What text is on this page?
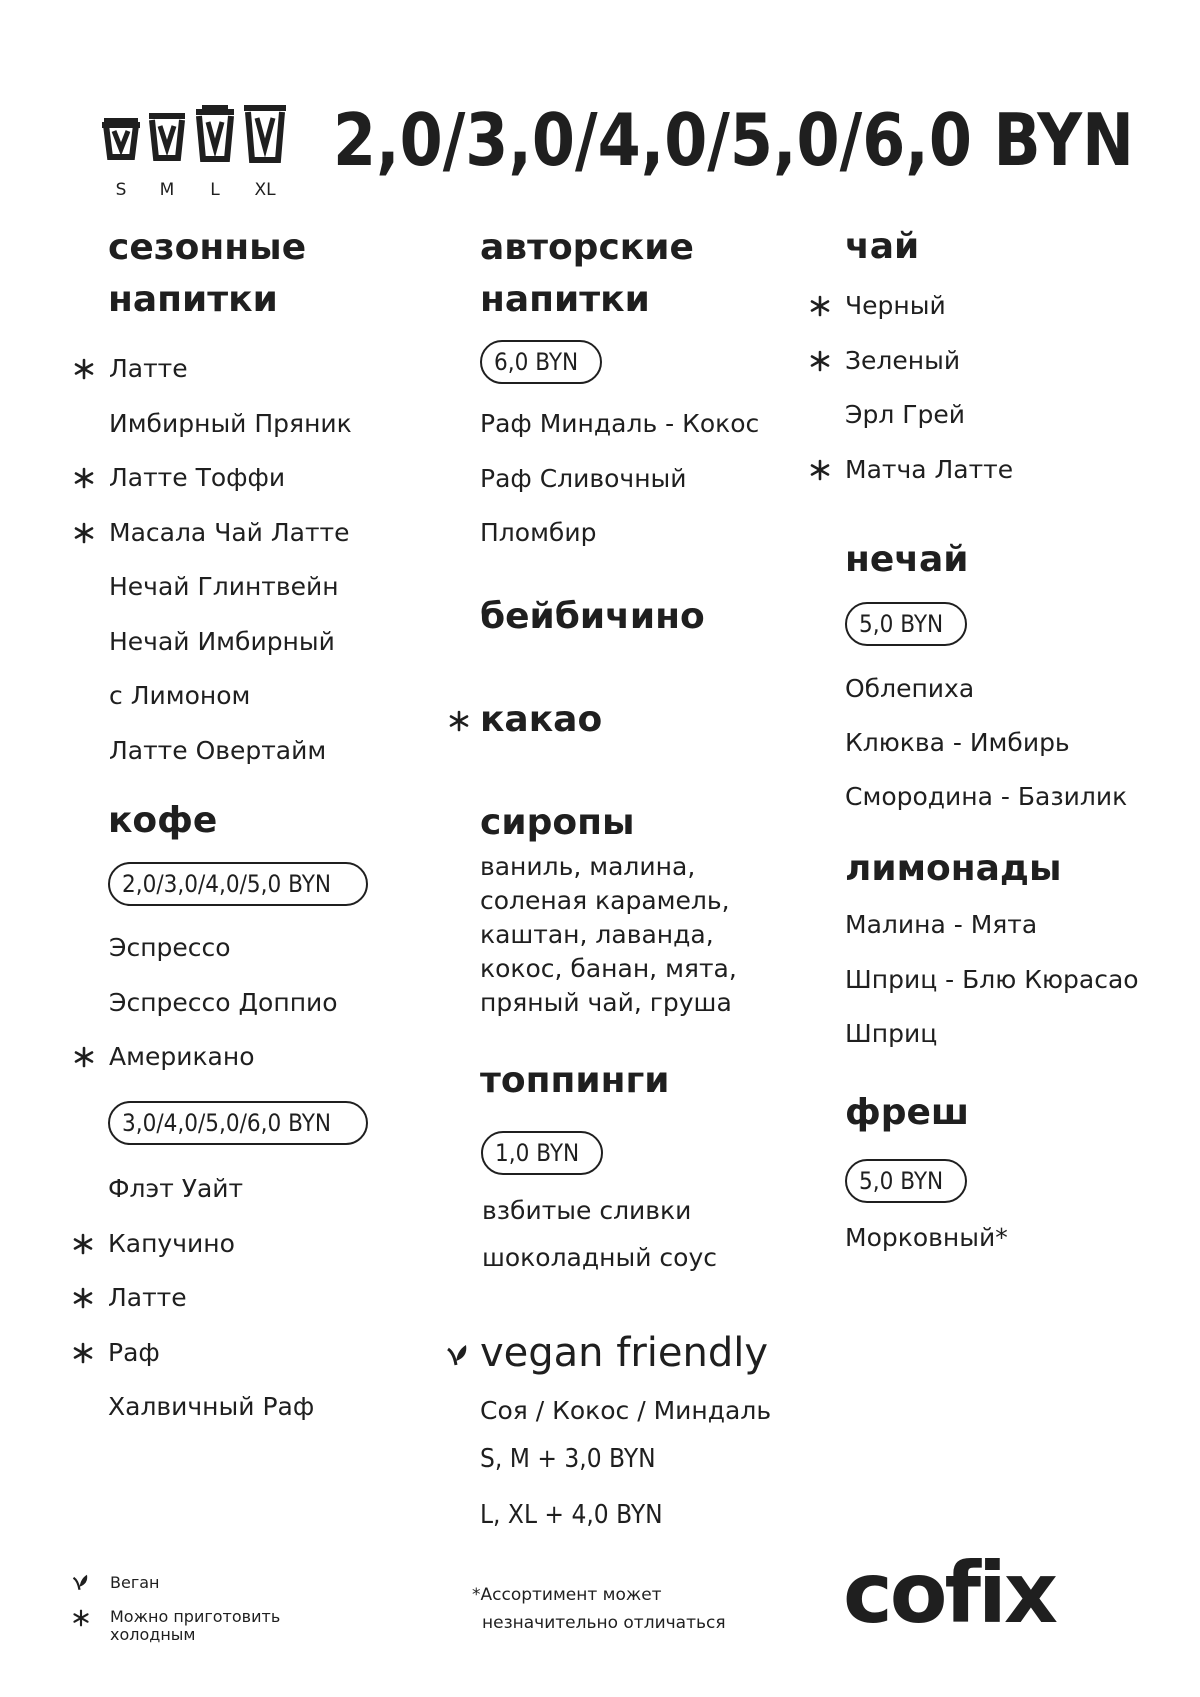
S M L XL
2,0/3,0/4,0/5,0/6,0 BYN
сезонные
напитки
Латте
Имбирный Пряник
Латте Тоффи
Масала Чай Латте
Нечай Глинтвейн
Нечай Имбирный
с Лимоном
Латте Овертайм
кофе
2,0/3,0/4,0/5,0 BYN
Эспрессо
Эспрессо Доппио
Американо
3,0/4,0/5,0/6,0 BYN
Флэт Уайт
Капучино
Латте
Раф
Халвичный Раф
авторские
напитки
6,0 BYN
Раф Миндаль - Кокос
Раф Сливочный
Пломбир
бейбичино
какао
сиропы
ваниль, малина,
соленая карамель,
каштан, лаванда,
кокос, банан, мята,
пряный чай, груша
топпинги
1,0 BYN
взбитые сливки
шоколадный соус
vegan friendly
Соя / Кокос / Миндаль
S, M + 3,0 BYN
L, XL + 4,0 BYN
чай
Черный
Зеленый
Эрл Грей
Матча Латте
нечай
5,0 BYN
Облепиха
Клюква - Имбирь
Смородина - Базилик
лимонады
Малина - Мята
Шприц - Блю Кюрасао
Шприц
фреш
5,0 BYN
Морковный*
Веган
Можно приготовить
холодным
*Ассортимент может
незначительно отличаться cofix
